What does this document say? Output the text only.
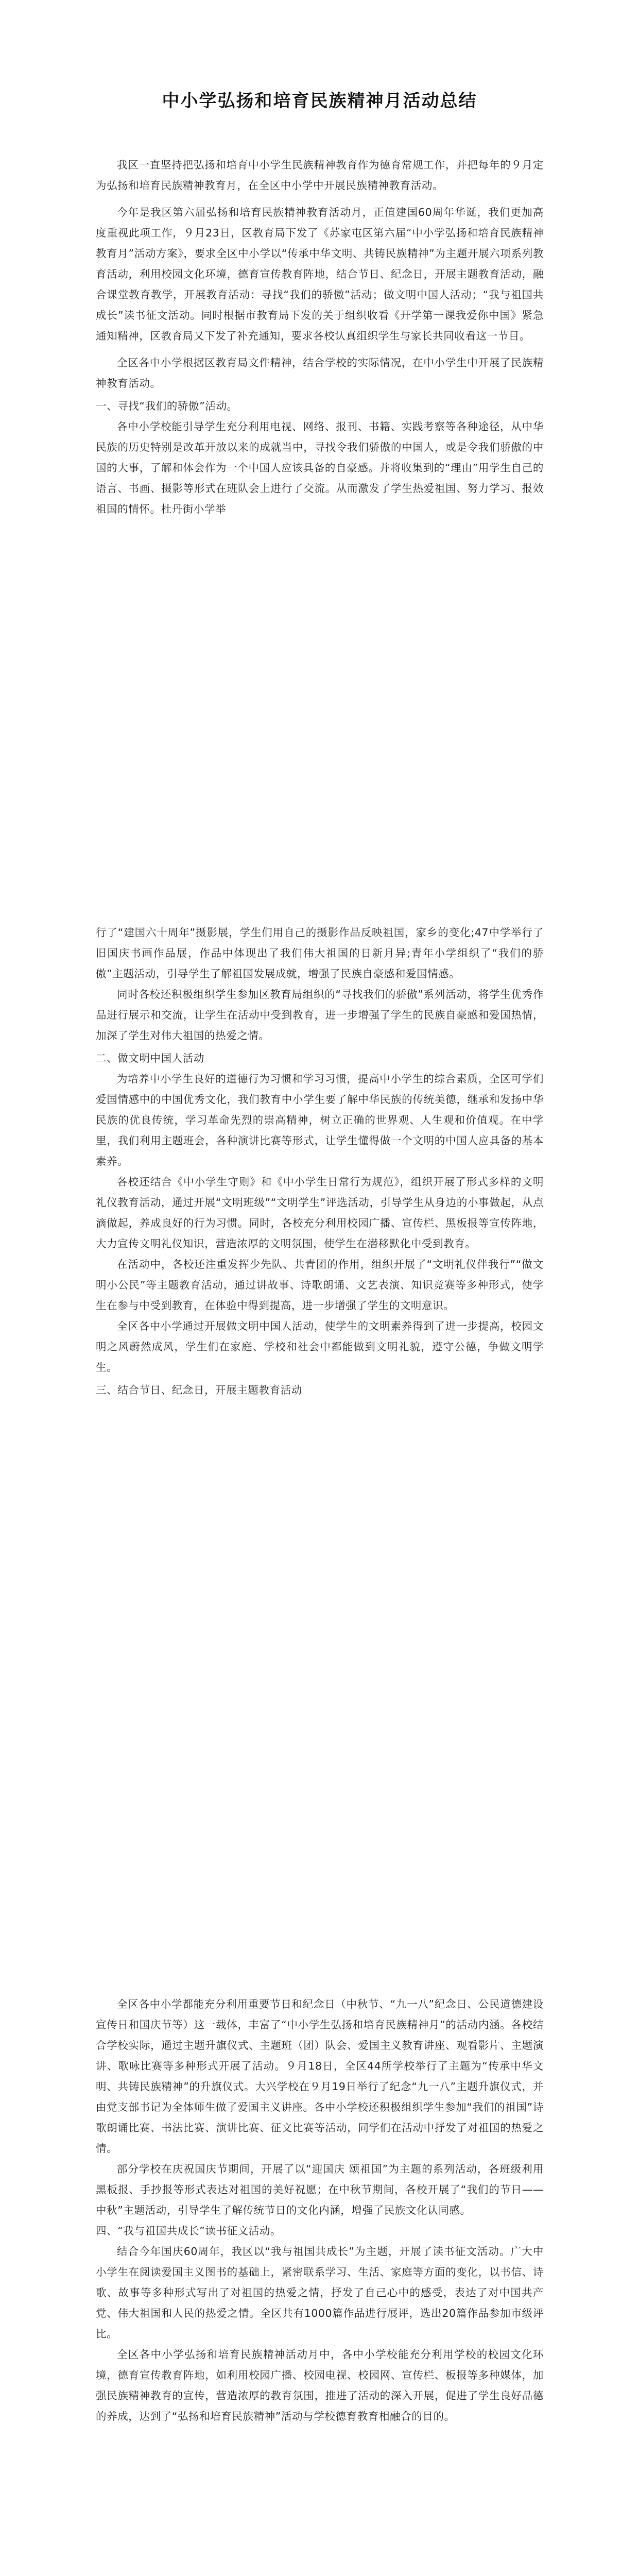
中小学弘扬和培育民族精神月活动总结

我区一直坚持把弘扬和培育中小学生民族精神教育作为德育常规工作，并把每年的９月定为弘扬和培育民族精神教育月，在全区中小学中开展民族精神教育活动。

今年是我区第六届弘扬和培育民族精神教育活动月，正值建国60周年华诞，我们更加高度重视此项工作，９月23日，区教育局下发了《苏家屯区第六届“中小学弘扬和培育民族精神教育月”活动方案》，要求全区中小学以“传承中华文明、共铸民族精神”为主题开展六项系列教育活动，利用校园文化环境，德育宣传教育阵地，结合节日、纪念日，开展主题教育活动，融合课堂教育教学，开展教育活动：寻找“我们的骄傲”活动；做文明中国人活动；“我与祖国共成长”读书征文活动。同时根据市教育局下发的关于组织收看《开学第一课我爱你中国》紧急通知精神，区教育局又下发了补充通知，要求各校认真组织学生与家长共同收看这一节目。

全区各中小学根据区教育局文件精神，结合学校的实际情况，在中小学生中开展了民族精神教育活动。

一、寻找“我们的骄傲”活动。

各中小学校能引导学生充分利用电视、网络、报刊、书籍、实践考察等各种途径，从中华民族的历史特别是改革开放以来的成就当中，寻找令我们骄傲的中国人，或是令我们骄傲的中国的大事，了解和体会作为一个中国人应该具备的自豪感。并将收集到的“理由”用学生自己的语言、书画、摄影等形式在班队会上进行了交流。从而激发了学生热爱祖国、努力学习、报效祖国的情怀。杜丹街小学举

行了“建国六十周年”摄影展，学生们用自己的摄影作品反映祖国，家乡的变化;47中学举行了旧国庆书画作品展，作品中体现出了我们伟大祖国的日新月异;青年小学组织了“我们的骄傲”主题活动，引导学生了解祖国发展成就，增强了民族自豪感和爱国情感。

同时各校还积极组织学生参加区教育局组织的“寻找我们的骄傲”系列活动，将学生优秀作品进行展示和交流，让学生在活动中受到教育，进一步增强了学生的民族自豪感和爱国热情，加深了学生对伟大祖国的热爱之情。

二、做文明中国人活动

为培养中小学生良好的道德行为习惯和学习习惯，提高中小学生的综合素质，全区可学们爱国情感中的中国优秀文化，我们教育中小学生要了解中华民族的传统美德，继承和发扬中华民族的优良传统，学习革命先烈的崇高精神，树立正确的世界观、人生观和价值观。在中学里，我们利用主题班会，各种演讲比赛等形式，让学生懂得做一个文明的中国人应具备的基本素养。

各校还结合《中小学生守则》和《中小学生日常行为规范》，组织开展了形式多样的文明礼仪教育活动，通过开展“文明班级”“文明学生”评选活动，引导学生从身边的小事做起，从点滴做起，养成良好的行为习惯。同时，各校充分利用校园广播、宣传栏、黑板报等宣传阵地，大力宣传文明礼仪知识，营造浓厚的文明氛围，使学生在潜移默化中受到教育。

在活动中，各校还注重发挥少先队、共青团的作用，组织开展了“文明礼仪伴我行”“做文明小公民”等主题教育活动，通过讲故事、诗歌朗诵、文艺表演、知识竞赛等多种形式，使学生在参与中受到教育，在体验中得到提高，进一步增强了学生的文明意识。

全区各中小学通过开展做文明中国人活动，使学生的文明素养得到了进一步提高，校园文明之风蔚然成风，学生们在家庭、学校和社会中都能做到文明礼貌，遵守公德，争做文明学生。

三、结合节日、纪念日，开展主题教育活动

全区各中小学都能充分利用重要节日和纪念日（中秋节、“九一八”纪念日、公民道德建设宣传日和国庆节等）这一载体，丰富了“中小学生弘扬和培育民族精神月”的活动内涵。各校结合学校实际，通过主题升旗仪式、主题班（团）队会、爱国主义教育讲座、观看影片、主题演讲、歌咏比赛等多种形式开展了活动。９月18日，全区44所学校举行了主题为“传承中华文明、共铸民族精神”的升旗仪式。大兴学校在９月19日举行了纪念“九一八”主题升旗仪式，并由党支部书记为全体师生做了爱国主义讲座。各中小学校还积极组织学生参加“我们的祖国”诗歌朗诵比赛、书法比赛、演讲比赛、征文比赛等活动，同学们在活动中抒发了对祖国的热爱之情。

部分学校在庆祝国庆节期间，开展了以“迎国庆 颂祖国”为主题的系列活动，各班级利用黑板报、手抄报等形式表达对祖国的美好祝愿；在中秋节期间，各校开展了“我们的节日——中秋”主题活动，引导学生了解传统节日的文化内涵，增强了民族文化认同感。

四、“我与祖国共成长”读书征文活动。

结合今年国庆60周年，我区以“我与祖国共成长”为主题，开展了读书征文活动。广大中小学生在阅读爱国主义图书的基础上，紧密联系学习、生活、家庭等方面的变化，以书信、诗歌、故事等多种形式写出了对祖国的热爱之情，抒发了自己心中的感受，表达了对中国共产党、伟大祖国和人民的热爱之情。全区共有1000篇作品进行展评，选出20篇作品参加市级评比。

全区各中小学弘扬和培育民族精神活动月中，各中小学校能充分利用学校的校园文化环境，德育宣传教育阵地，如利用校园广播、校园电视、校园网、宣传栏、板报等多种媒体，加强民族精神教育的宣传，营造浓厚的教育氛围，推进了活动的深入开展，促进了学生良好品德的养成，达到了“弘扬和培育民族精神”活动与学校德育教育相融合的目的。
